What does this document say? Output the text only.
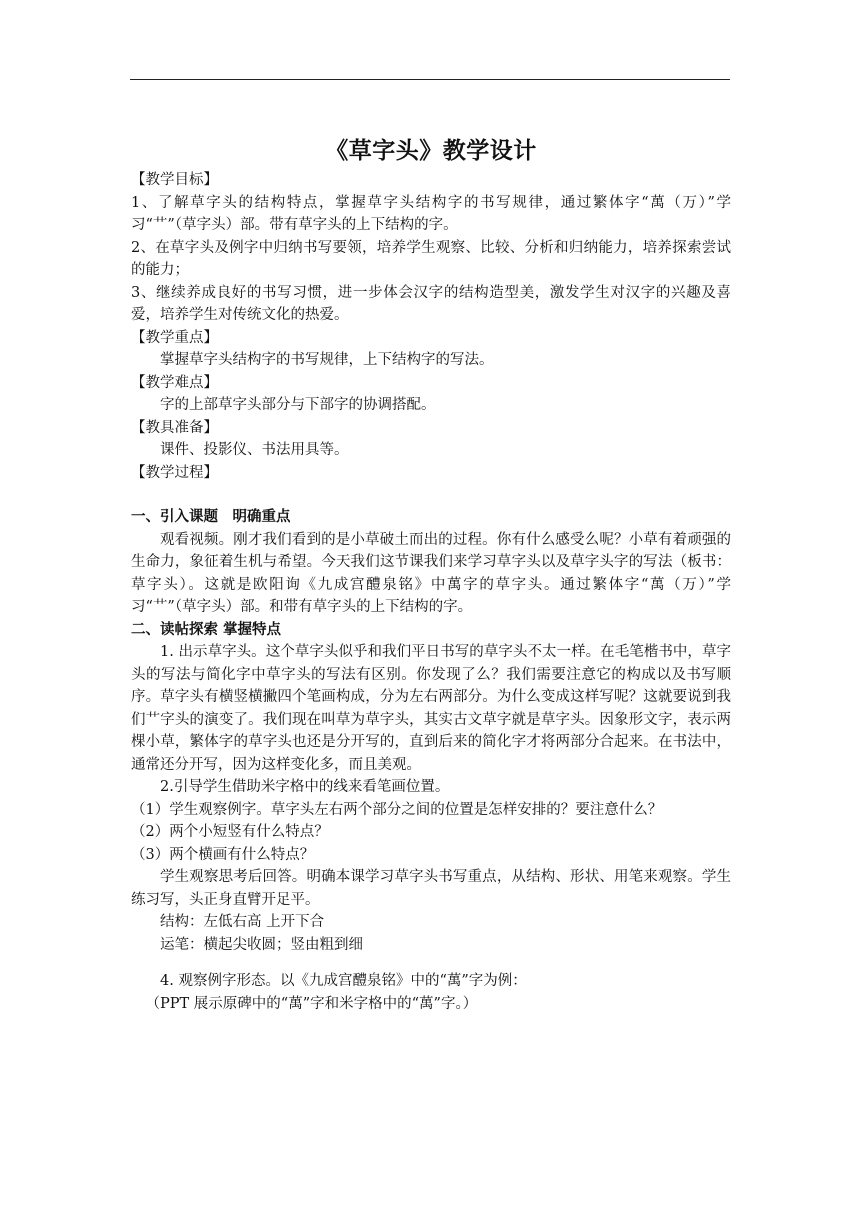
《草字头》教学设计

【教学目标】

1、了解草字头的结构特点，掌握草字头结构字的书写规律，通过繁体字“萬（万）”学习“艹”（草字头）部。带有草字头的上下结构的字。

2、在草字头及例字中归纳书写要领，培养学生观察、比较、分析和归纳能力，培养探索尝试的能力；

3、继续养成良好的书写习惯，进一步体会汉字的结构造型美，激发学生对汉字的兴趣及喜爱，培养学生对传统文化的热爱。

【教学重点】

掌握草字头结构字的书写规律，上下结构字的写法。

【教学难点】

字的上部草字头部分与下部字的协调搭配。

【教具准备】

课件、投影仪、书法用具等。

【教学过程】

一、引入课题　明确重点

观看视频。刚才我们看到的是小草破土而出的过程。你有什么感受么呢？小草有着顽强的生命力，象征着生机与希望。今天我们这节课我们来学习草字头以及草字头字的写法（板书：草字头）。这就是欧阳询《九成宫醴泉铭》中萬字的草字头。通过繁体字“萬（万）”学习“艹”（草字头）部。和带有草字头的上下结构的字。

二、读帖探索 掌握特点

1. 出示草字头。这个草字头似乎和我们平日书写的草字头不太一样。在毛笔楷书中，草字头的写法与简化字中草字头的写法有区别。你发现了么？我们需要注意它的构成以及书写顺序。草字头有横竖横撇四个笔画构成，分为左右两部分。为什么变成这样写呢？这就要说到我们艹字头的演变了。我们现在叫草为草字头，其实古文草字就是草字头。因象形文字，表示两棵小草，繁体字的草字头也还是分开写的，直到后来的简化字才将两部分合起来。在书法中，通常还分开写，因为这样变化多，而且美观。

2.引导学生借助米字格中的线来看笔画位置。

（1）学生观察例字。草字头左右两个部分之间的位置是怎样安排的？要注意什么？

（2）两个小短竖有什么特点？

（3）两个横画有什么特点？

学生观察思考后回答。明确本课学习草字头书写重点，从结构、形状、用笔来观察。学生练习写，头正身直臂开足平。

结构：左低右高 上开下合

运笔：横起尖收圆；竖由粗到细

4. 观察例字形态。以《九成宫醴泉铭》中的“萬”字为例：

（PPT 展示原碑中的“萬”字和米字格中的“萬”字。）
